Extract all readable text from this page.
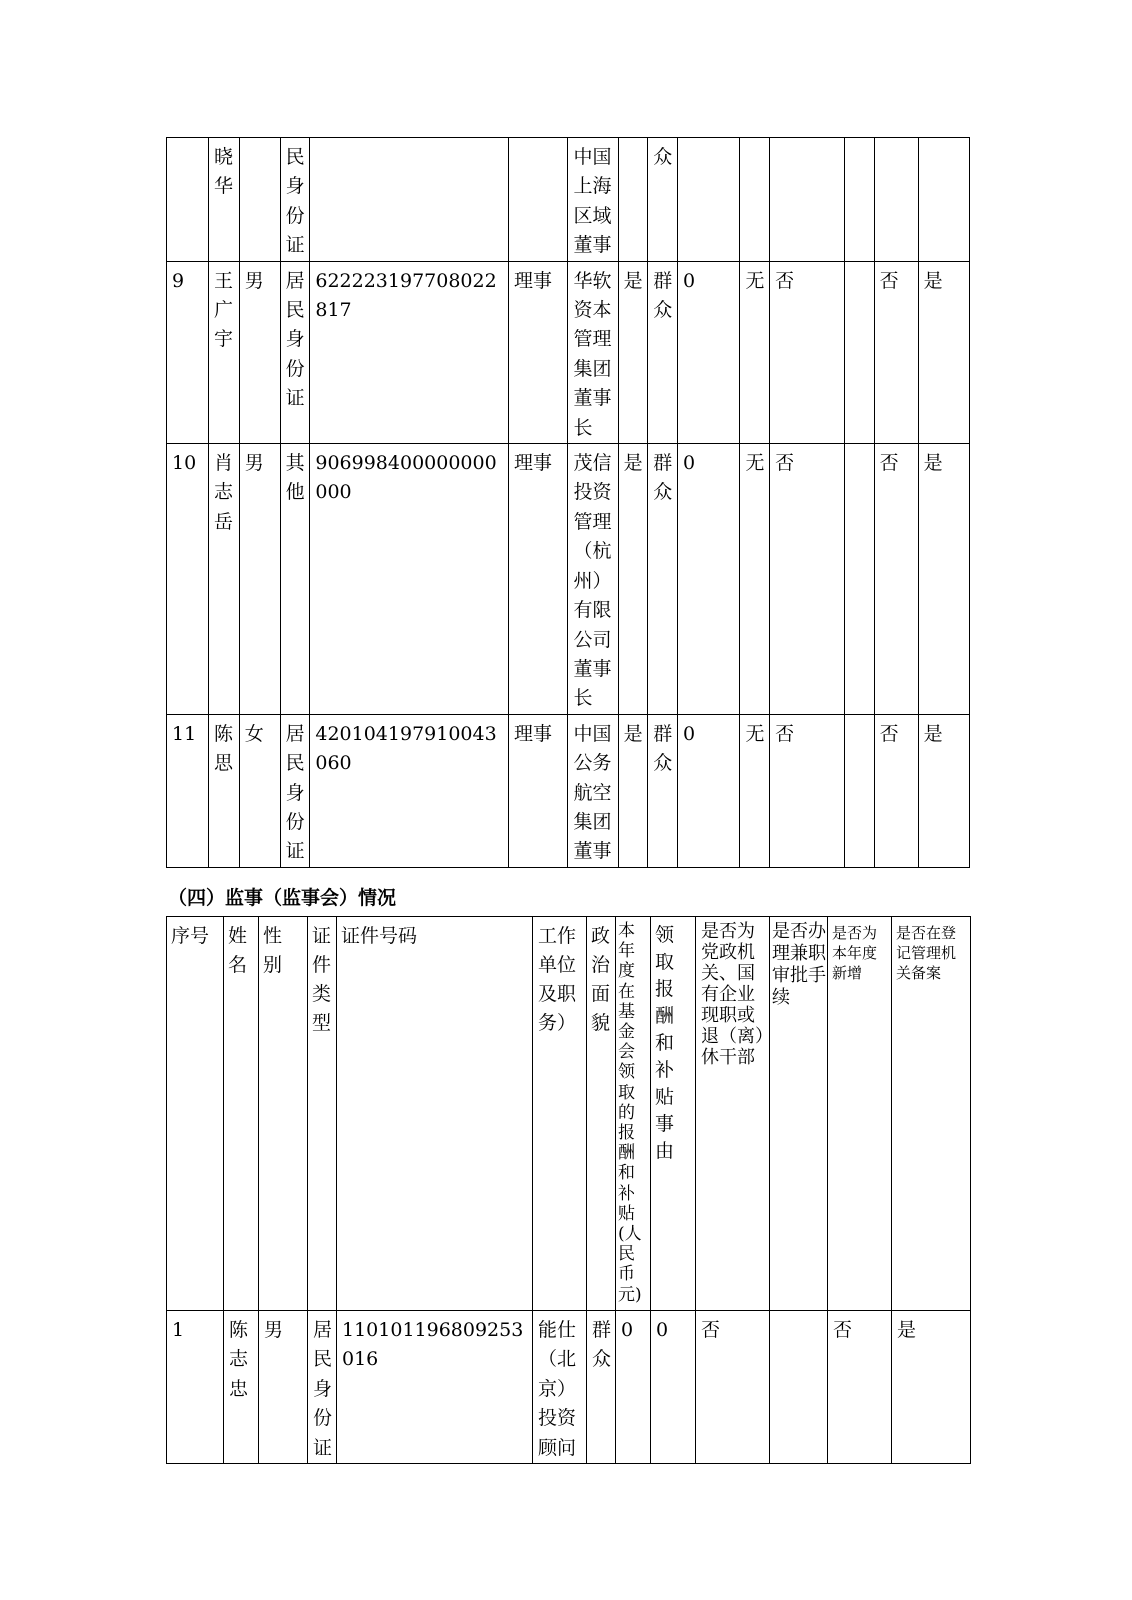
	晓华		民身份证			中国上海区域董事		众						
9	王广宇	男	居民身份证	622223197708022817	理事	华软资本管理集团董事长	是	群众	0	无	否		否	是
10	肖志岳	男	其他	906998400000000000	理事	茂信投资管理（杭州）有限公司董事长	是	群众	0	无	否		否	是
11	陈思	女	居民身份证	420104197910043060	理事	中国公务航空集团董事	是	群众	0	无	否		否	是
（四）监事（监事会）情况
序号	姓名	性别	证件类型	证件号码	工作单位及职务）	政治面貌	本年度在基金会领取的报酬和补贴(人民币元)	领取报酬和补贴事由	是否为党政机关、国有企业现职或退（离）休干部	是否办理兼职审批手续	是否为本年度新增	是否在登记管理机关备案
1	陈志忠	男	居民身份证	110101196809253016	能仕（北京）投资顾问	群众	0	0	否		否	是
